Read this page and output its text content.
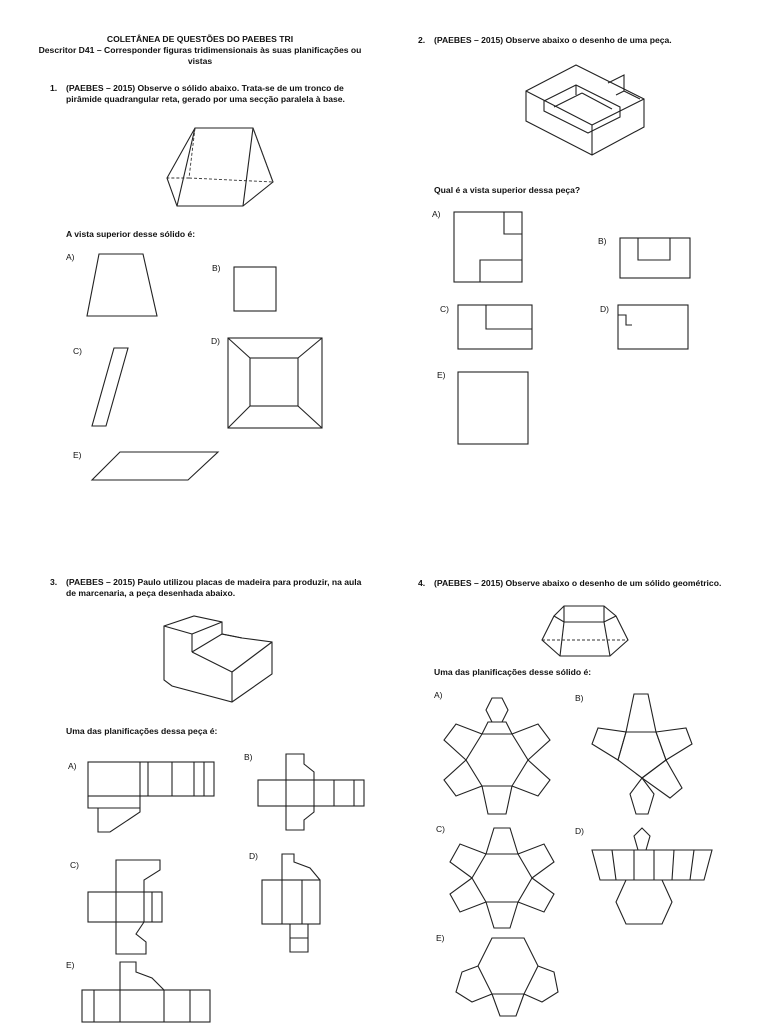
COLETÂNEA DE QUESTÕES DO PAEBES TRI
Descritor D41 – Corresponder figuras tridimensionais às suas planificações ou
vistas
1. (PAEBES – 2015) Observe o sólido abaixo. Trata-se de um tronco de
pirâmide quadrangular reta, gerado por uma secção paralela à base.
A vista superior desse sólido é:
A)
B)
C)
D)
E)
2. (PAEBES – 2015) Observe abaixo o desenho de uma peça.
Qual é a vista superior dessa peça?
A)
B)
C)	D)
E)
3. (PAEBES – 2015) Paulo utilizou placas de madeira para produzir, na aula
de marcenaria, a peça desenhada abaixo.
Uma das planificações dessa peça é:
A)
B)
C)
D)
E)
4. (PAEBES – 2015) Observe abaixo o desenho de um sólido geométrico.
Uma das planificações desse sólido é:
A)	B)
C)	D)
E)
